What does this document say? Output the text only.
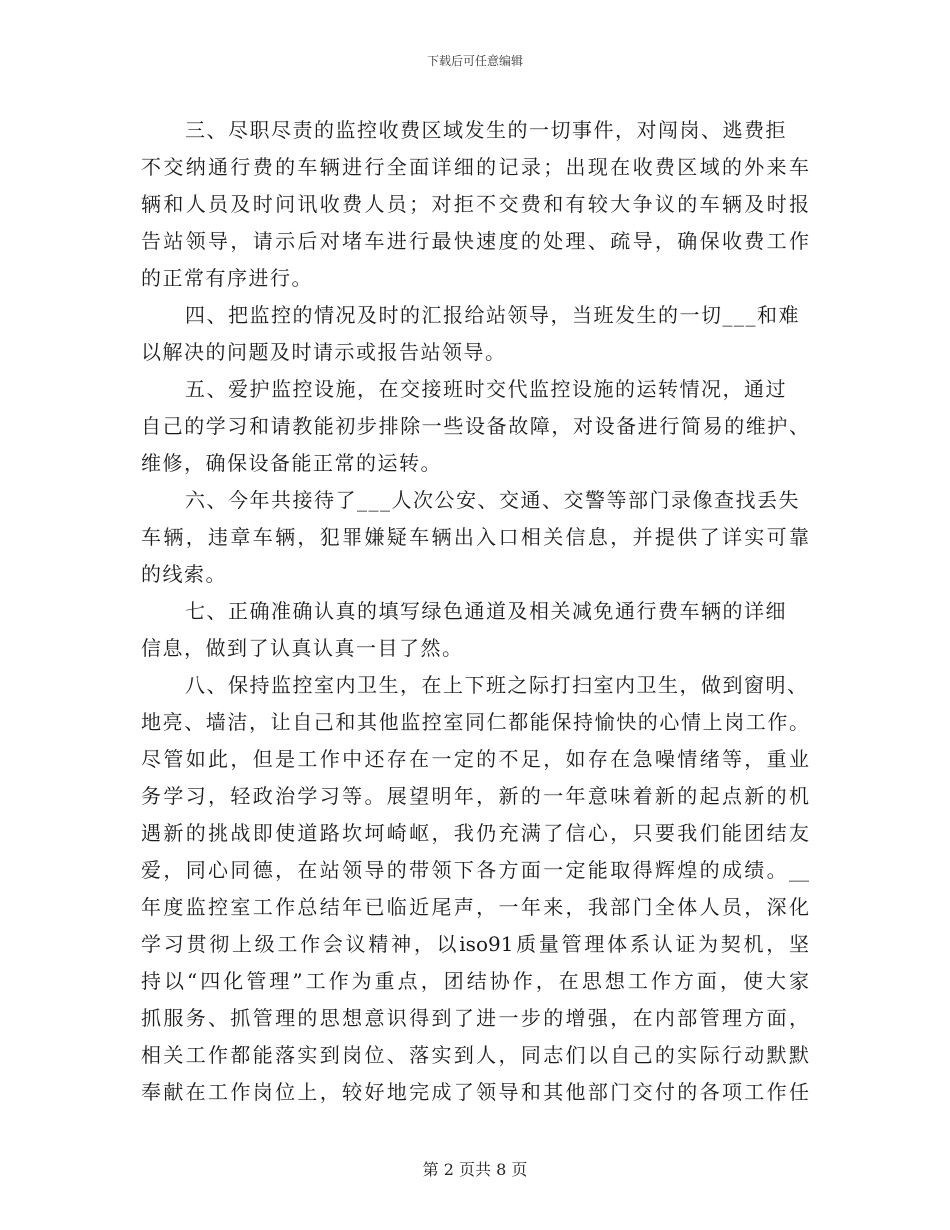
下载后可任意编辑
三、尽职尽责的监控收费区域发生的一切事件，对闯岗、逃费拒
不交纳通行费的车辆进行全面详细的记录；出现在收费区域的外来车
辆和人员及时问讯收费人员；对拒不交费和有较大争议的车辆及时报
告站领导，请示后对堵车进行最快速度的处理、疏导，确保收费工作
的正常有序进行。
四、把监控的情况及时的汇报给站领导，当班发生的一切___和难
以解决的问题及时请示或报告站领导。
五、爱护监控设施，在交接班时交代监控设施的运转情况，通过
自己的学习和请教能初步排除一些设备故障，对设备进行简易的维护、
维修，确保设备能正常的运转。
六、今年共接待了___人次公安、交通、交警等部门录像查找丢失
车辆，违章车辆，犯罪嫌疑车辆出入口相关信息，并提供了详实可靠
的线索。
七、正确准确认真的填写绿色通道及相关减免通行费车辆的详细
信息，做到了认真认真一目了然。
八、保持监控室内卫生，在上下班之际打扫室内卫生，做到窗明、
地亮、墙洁，让自己和其他监控室同仁都能保持愉快的心情上岗工作。
尽管如此，但是工作中还存在一定的不足，如存在急噪情绪等，重业
务学习，轻政治学习等。展望明年，新的一年意味着新的起点新的机
遇新的挑战即使道路坎坷崎岖，我仍充满了信心，只要我们能团结友
爱，同心同德，在站领导的带领下各方面一定能取得辉煌的成绩。__
年度监控室工作总结年已临近尾声，一年来，我部门全体人员，深化
学习贯彻上级工作会议精神，以iso91质量管理体系认证为契机，坚
持以“四化管理”工作为重点，团结协作，在思想工作方面，使大家
抓服务、抓管理的思想意识得到了进一步的增强，在内部管理方面，
相关工作都能落实到岗位、落实到人，同志们以自己的实际行动默默
奉献在工作岗位上，较好地完成了领导和其他部门交付的各项工作任
第 2 页共 8 页
